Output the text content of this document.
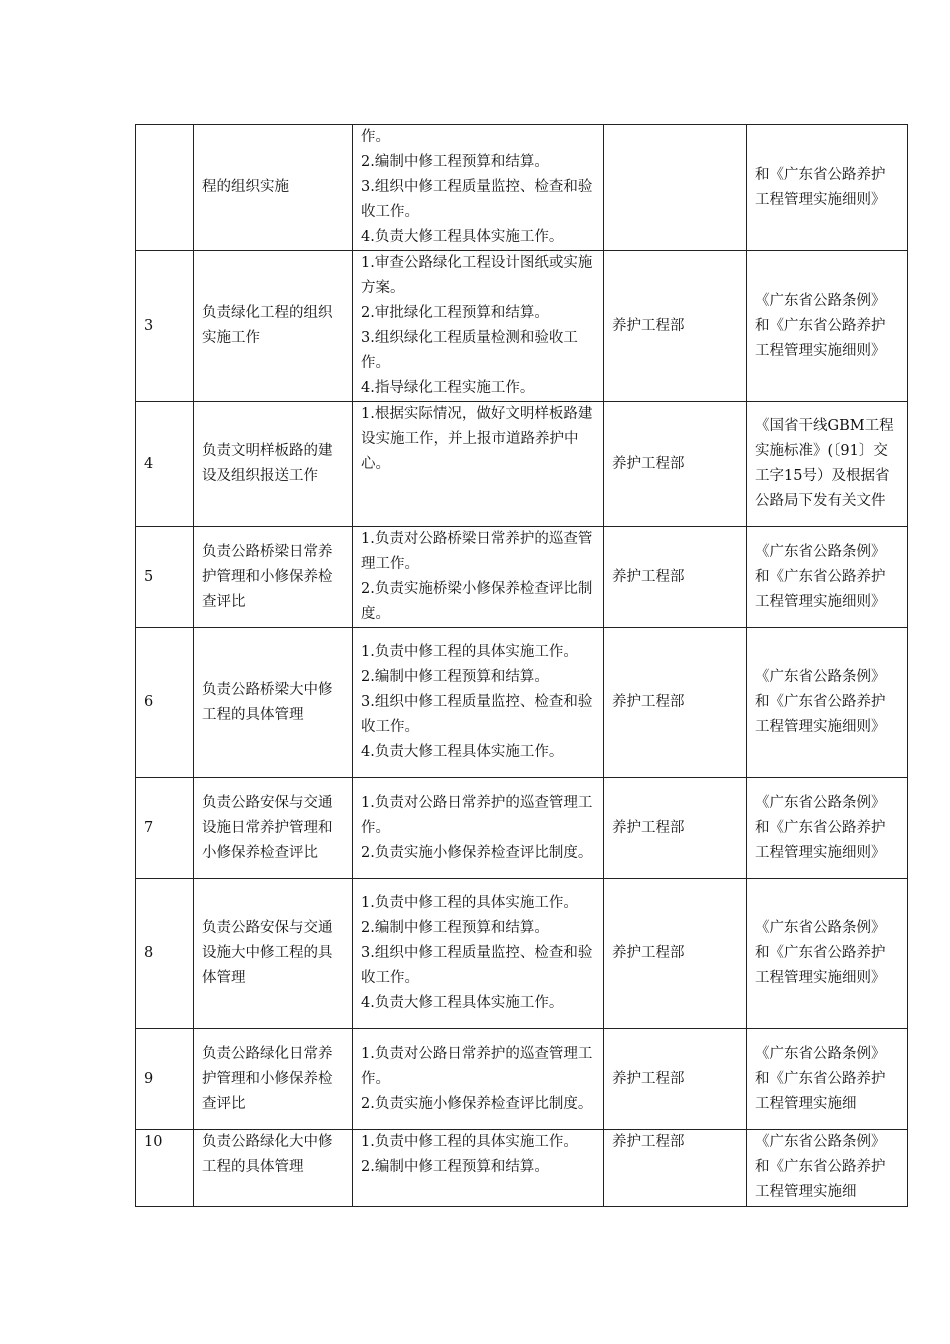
	程的组织实施	作。
2.编制中修工程预算和结算。
3.组织中修工程质量监控、检查和验收工作。
4.负责大修工程具体实施工作。		和《广东省公路养护工程管理实施细则》
3	负责绿化工程的组织实施工作	1.审查公路绿化工程设计图纸或实施方案。
2.审批绿化工程预算和结算。
3.组织绿化工程质量检测和验收工作。
4.指导绿化工程实施工作。	养护工程部	《广东省公路条例》和《广东省公路养护工程管理实施细则》
4	负责文明样板路的建设及组织报送工作	1.根据实际情况，做好文明样板路建设实施工作，并上报市道路养护中心。	养护工程部	《国省干线GBM工程实施标准》(〔91〕交工字15号）及根据省公路局下发有关文件
5	负责公路桥梁日常养护管理和小修保养检查评比	1.负责对公路桥梁日常养护的巡查管理工作。
2.负责实施桥梁小修保养检查评比制度。	养护工程部	《广东省公路条例》和《广东省公路养护工程管理实施细则》
6	负责公路桥梁大中修工程的具体管理	1.负责中修工程的具体实施工作。
2.编制中修工程预算和结算。
3.组织中修工程质量监控、检查和验收工作。
4.负责大修工程具体实施工作。	养护工程部	《广东省公路条例》和《广东省公路养护工程管理实施细则》
7	负责公路安保与交通设施日常养护管理和小修保养检查评比	1.负责对公路日常养护的巡查管理工作。
2.负责实施小修保养检查评比制度。	养护工程部	《广东省公路条例》和《广东省公路养护工程管理实施细则》
8	负责公路安保与交通设施大中修工程的具体管理	1.负责中修工程的具体实施工作。
2.编制中修工程预算和结算。
3.组织中修工程质量监控、检查和验收工作。
4.负责大修工程具体实施工作。	养护工程部	《广东省公路条例》和《广东省公路养护工程管理实施细则》
9	负责公路绿化日常养护管理和小修保养检查评比	1.负责对公路日常养护的巡查管理工作。
2.负责实施小修保养检查评比制度。	养护工程部	《广东省公路条例》和《广东省公路养护工程管理实施细
10	负责公路绿化大中修工程的具体管理	1.负责中修工程的具体实施工作。
2.编制中修工程预算和结算。	养护工程部	《广东省公路条例》和《广东省公路养护工程管理实施细
